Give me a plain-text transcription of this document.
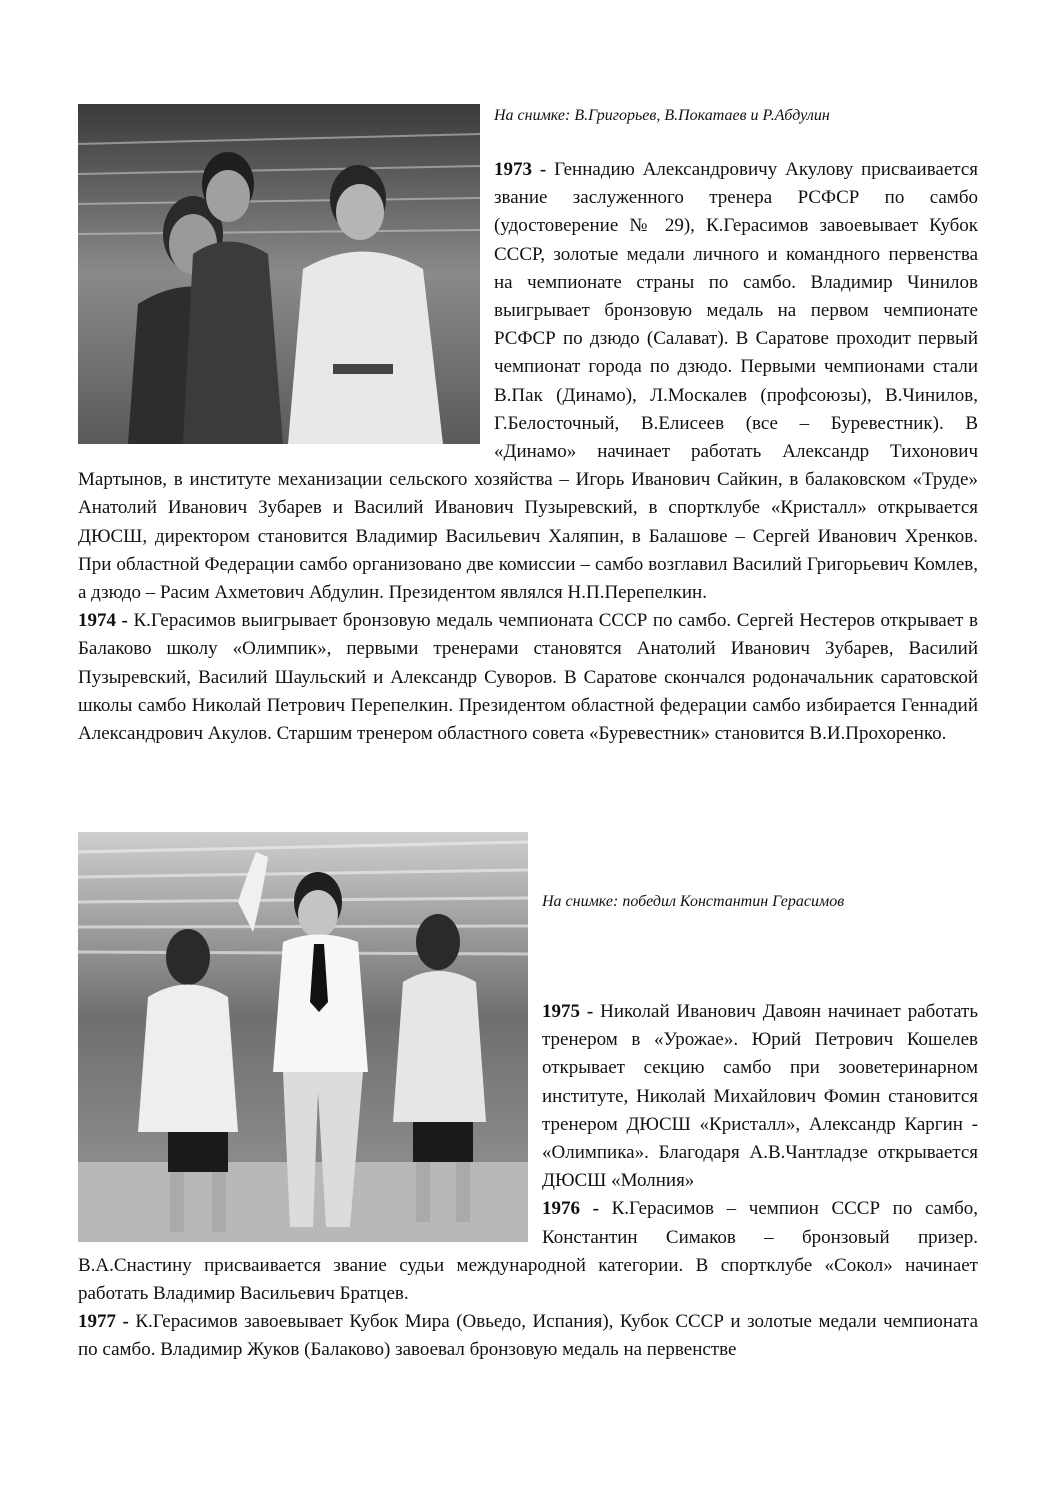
На снимке: В.Григорьев, В.Покатаев и Р.Абдулин

1973 - Геннадию Александровичу Акулову присваивается звание заслуженного тренера РСФСР по самбо (удостоверение № 29), К.Герасимов завоевывает Кубок СССР, золотые медали личного и командного первенства на чемпионате страны по самбо. Владимир Чинилов выигрывает бронзовую медаль на первом чемпионате РСФСР по дзюдо (Салават). В Саратове проходит первый чемпионат города по дзюдо. Первыми чемпионами стали В.Пак (Динамо), Л.Москалев (профсоюзы), В.Чинилов, Г.Белосточный, В.Елисеев (все – Буревестник). В «Динамо» начинает работать Александр Тихонович Мартынов, в институте механизации сельского хозяйства – Игорь Иванович Сайкин, в балаковском «Труде» Анатолий Иванович Зубарев и Василий Иванович Пузыревский, в спортклубе «Кристалл» открывается ДЮСШ, директором становится Владимир Васильевич Халяпин, в Балашове – Сергей Иванович Хренков. При областной Федерации самбо организовано две комиссии – самбо возглавил Василий Григорьевич Комлев, а дзюдо – Расим Ахметович Абдулин. Президентом являлся Н.П.Перепелкин.

1974 - К.Герасимов выигрывает бронзовую медаль чемпионата СССР по самбо. Сергей Нестеров открывает в Балаково школу «Олимпик», первыми тренерами становятся Анатолий Иванович Зубарев, Василий Пузыревский, Василий Шаульский и Александр Суворов. В Саратове скончался родоначальник саратовской школы самбо Николай Петрович Перепелкин. Президентом областной федерации самбо избирается Геннадий Александрович Акулов. Старшим тренером областного совета «Буревестник» становится В.И.Прохоренко.

На снимке: победил Константин Герасимов

1975 - Николай Иванович Давоян начинает работать тренером в «Урожае». Юрий Петрович Кошелев открывает секцию самбо при зооветеринарном институте, Николай Михайлович Фомин становится тренером ДЮСШ «Кристалл», Александр Каргин - «Олимпика». Благодаря А.В.Чантладзе открывается ДЮСШ «Молния»

1976 - К.Герасимов – чемпион СССР по самбо, Константин Симаков – бронзовый призер. В.А.Снастину присваивается звание судьи международной категории. В спортклубе «Сокол» начинает работать Владимир Васильевич Братцев.

1977 - К.Герасимов завоевывает Кубок Мира (Овьедо, Испания), Кубок СССР и золотые медали чемпионата по самбо. Владимир Жуков (Балаково) завоевал бронзовую медаль на первенстве
